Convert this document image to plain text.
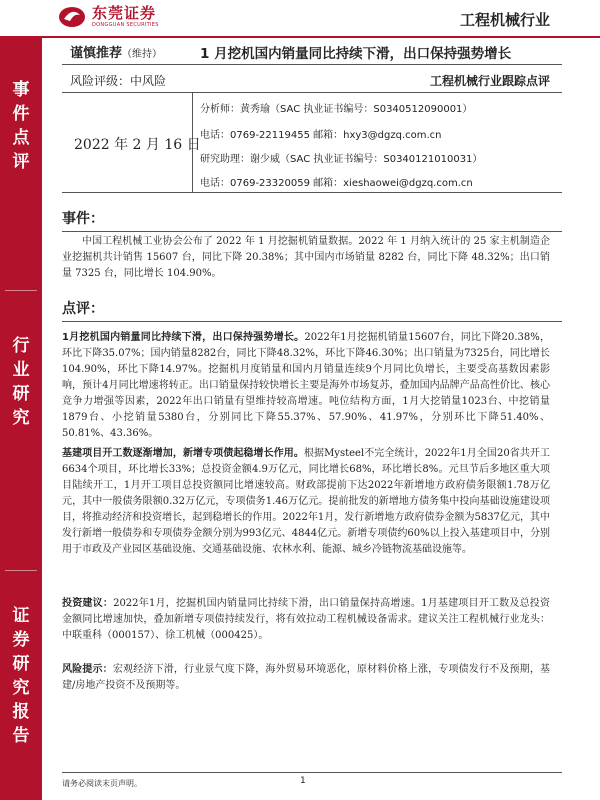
东莞证券
DONGGUAN SECURITIES	工程机械行业
事
件
点
评
行
业
研
究
证
券
研
究
报
告
谨慎推荐（维持）	1 月挖机国内销量同比持续下滑，出口保持强势增长
风险评级：中风险	工程机械行业跟踪点评
2022 年 2 月 16 日
分析师：黄秀瑜（SAC 执业证书编号：S0340512090001）
电话：0769-22119455 邮箱：hxy3@dgzq.com.cn
研究助理：谢少威（SAC 执业证书编号：S0340121010031）
电话：0769-23320059 邮箱：xieshaowei@dgzq.com.cn
事件：
中国工程机械工业协会公布了 2022 年 1 月挖掘机销量数据。2022 年 1 月纳入统计的 25 家主机制造企业挖掘机共计销售 15607 台，同比下降 20.38%；其中国内市场销量 8282 台，同比下降 48.32%；出口销量 7325 台，同比增长 104.90%。
点评：
1月挖机国内销量同比持续下滑，出口保持强势增长。2022年1月挖掘机销量15607台，同比下降20.38%，环比下降35.07%；国内销量8282台，同比下降48.32%，环比下降46.30%；出口销量为7325台，同比增长104.90%，环比下降14.97%。挖掘机月度销量和国内月销量连续9个月同比负增长，主要受高基数因素影响，预计4月同比增速将转正。出口销量保持较快增长主要是海外市场复苏，叠加国内品牌产品高性价比、核心竞争力增强等因素，2022年出口销量有望维持较高增速。吨位结构方面，1月大挖销量1023台、中挖销量1879台、小挖销量5380台，分别同比下降55.37%、57.90%、41.97%，分别环比下降51.40%、50.81%、43.36%。
基建项目开工数逐渐增加，新增专项债起稳增长作用。根据Mysteel不完全统计，2022年1月全国20省共开工6634个项目，环比增长33%；总投资金额4.9万亿元，同比增长68%，环比增长8%。元旦节后多地区重大项目陆续开工，1月开工项目总投资额同比增速较高。财政部提前下达2022年新增地方政府债务限额1.78万亿元，其中一般债务限额0.32万亿元，专项债务1.46万亿元。提前批发的新增地方债务集中投向基础设施建设项目，将推动经济和投资增长，起到稳增长的作用。2022年1月，发行新增地方政府债券金额为5837亿元，其中发行新增一般债券和专项债券金额分别为993亿元、4844亿元。新增专项债约60%以上投入基建项目中，分别用于市政及产业园区基础设施、交通基础设施、农林水利、能源、城乡冷链物流基础设施等。
投资建议：2022年1月，挖掘机国内销量同比持续下滑，出口销量保持高增速。1月基建项目开工数及总投资金额同比增速加快，叠加新增专项债持续发行，将有效拉动工程机械设备需求。建议关注工程机械行业龙头：中联重科（000157）、徐工机械（000425）。
风险提示：宏观经济下滑，行业景气度下降，海外贸易环境恶化，原材料价格上涨，专项债发行不及预期，基建/房地产投资不及预期等。
请务必阅读末页声明。	1
